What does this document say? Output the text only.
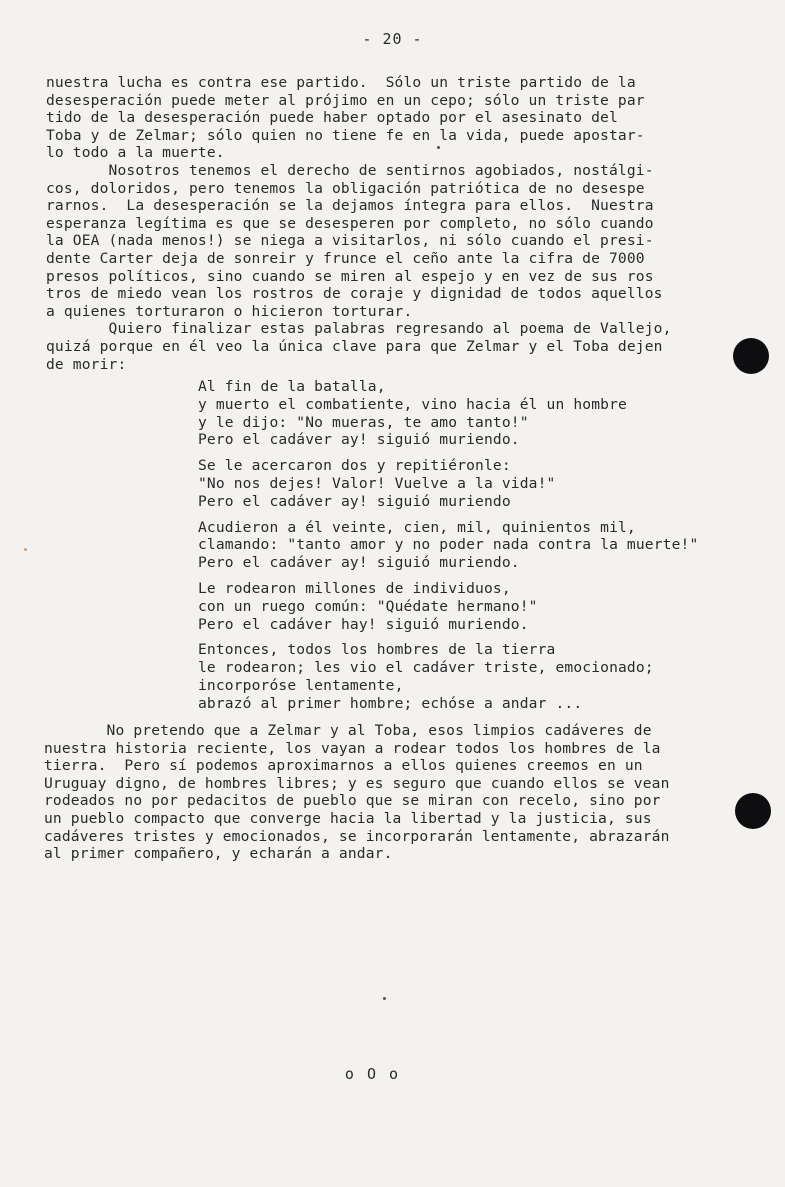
- 20 -
nuestra lucha es contra ese partido.  Sólo un triste partido de la
desesperación puede meter al prójimo en un cepo; sólo un triste par
tido de la desesperación puede haber optado por el asesinato del
Toba y de Zelmar; sólo quien no tiene fe en la vida, puede apostar-
lo todo a la muerte.
Nosotros tenemos el derecho de sentirnos agobiados, nostálgi-
cos, doloridos, pero tenemos la obligación patriótica de no desespe
rarnos.  La desesperación se la dejamos íntegra para ellos.  Nuestra
esperanza legítima es que se desesperen por completo, no sólo cuando
la OEA (nada menos!) se niega a visitarlos, ni sólo cuando el presi-
dente Carter deja de sonreir y frunce el ceño ante la cifra de 7000
presos políticos, sino cuando se miren al espejo y en vez de sus ros
tros de miedo vean los rostros de coraje y dignidad de todos aquellos
a quienes torturaron o hicieron torturar.
Quiero finalizar estas palabras regresando al poema de Vallejo,
quizá porque en él veo la única clave para que Zelmar y el Toba dejen
de morir:
Al fin de la batalla,
y muerto el combatiente, vino hacia él un hombre
y le dijo: "No mueras, te amo tanto!"
Pero el cadáver ay! siguió muriendo.
Se le acercaron dos y repitiéronle:
"No nos dejes! Valor! Vuelve a la vida!"
Pero el cadáver ay! siguió muriendo
Acudieron a él veinte, cien, mil, quinientos mil,
clamando: "tanto amor y no poder nada contra la muerte!"
Pero el cadáver ay! siguió muriendo.
Le rodearon millones de individuos,
con un ruego común: "Quédate hermano!"
Pero el cadáver hay! siguió muriendo.
Entonces, todos los hombres de la tierra
le rodearon; les vio el cadáver triste, emocionado;
incorporóse lentamente,
abrazó al primer hombre; echóse a andar ...
No pretendo que a Zelmar y al Toba, esos limpios cadáveres de
nuestra historia reciente, los vayan a rodear todos los hombres de la
tierra.  Pero sí podemos aproximarnos a ellos quienes creemos en un
Uruguay digno, de hombres libres; y es seguro que cuando ellos se vean
rodeados no por pedacitos de pueblo que se miran con recelo, sino por
un pueblo compacto que converge hacia la libertad y la justicia, sus
cadáveres tristes y emocionados, se incorporarán lentamente, abrazarán
al primer compañero, y echarán a andar.
o O o
